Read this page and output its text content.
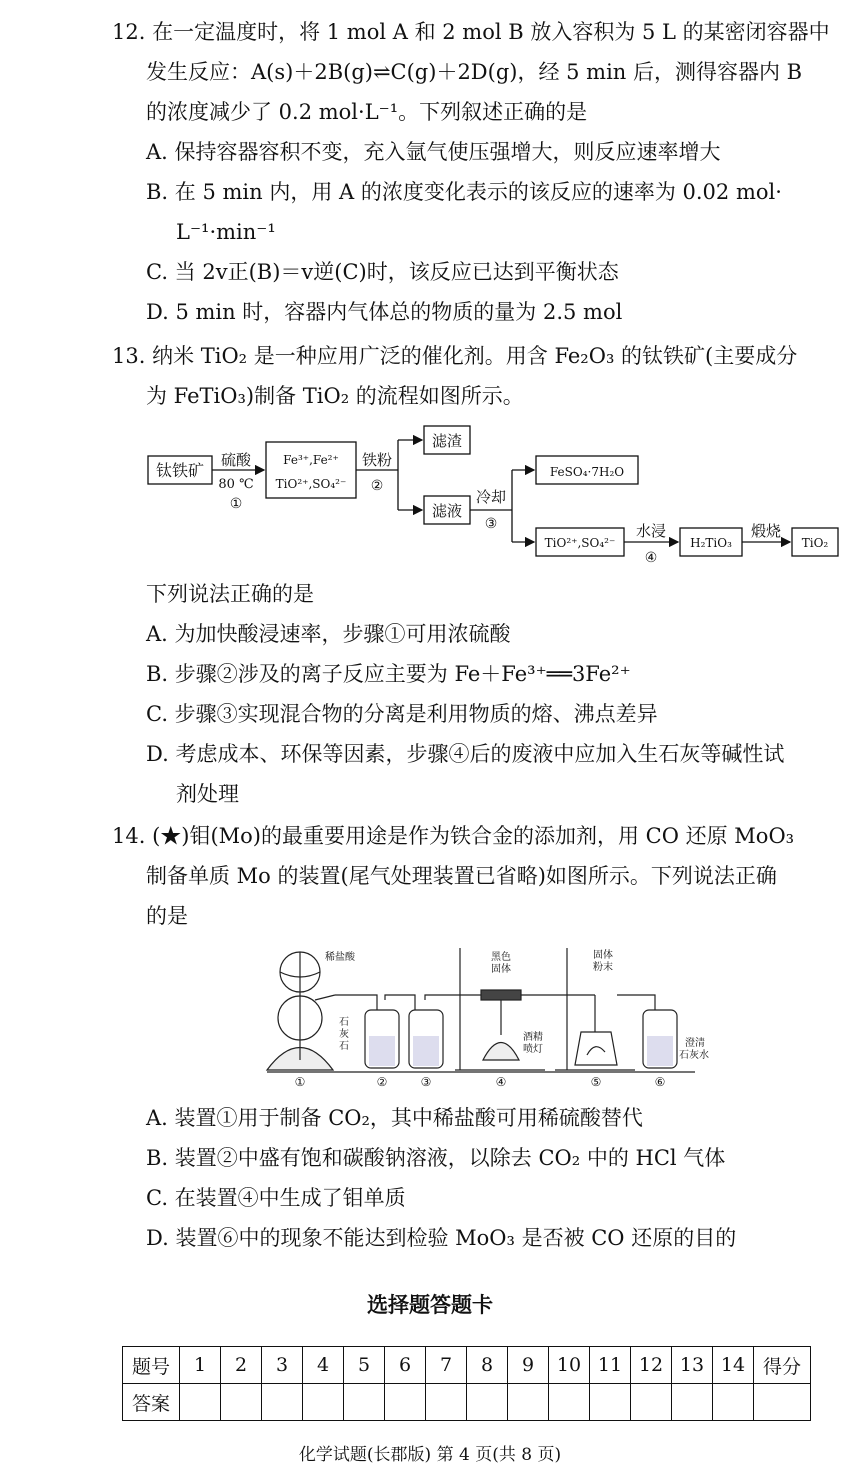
12. 在一定温度时，将 1 mol A 和 2 mol B 放入容积为 5 L 的某密闭容器中
发生反应：A(s)＋2B(g)⇌C(g)＋2D(g)，经 5 min 后，测得容器内 B
的浓度减少了 0.2 mol·L⁻¹。下列叙述正确的是
A. 保持容器容积不变，充入氩气使压强增大，则反应速率增大
B. 在 5 min 内，用 A 的浓度变化表示的该反应的速率为 0.02 mol·
L⁻¹·min⁻¹
C. 当 2v正(B)＝v逆(C)时，该反应已达到平衡状态
D. 5 min 时，容器内气体总的物质的量为 2.5 mol
13. 纳米 TiO₂ 是一种应用广泛的催化剂。用含 Fe₂O₃ 的钛铁矿(主要成分
为 FeTiO₃)制备 TiO₂ 的流程如图所示。
钛铁矿
硫酸
80 ℃
①
Fe³⁺,Fe²⁺
TiO²⁺,SO₄²⁻
铁粉
②
滤渣
滤液
冷却
③
FeSO₄·7H₂O
TiO²⁺,SO₄²⁻
水浸
④
H₂TiO₃
煅烧
TiO₂
下列说法正确的是
A. 为加快酸浸速率，步骤①可用浓硫酸
B. 步骤②涉及的离子反应主要为 Fe＋Fe³⁺══3Fe²⁺
C. 步骤③实现混合物的分离是利用物质的熔、沸点差异
D. 考虑成本、环保等因素，步骤④后的废液中应加入生石灰等碱性试
剂处理
14. (★)钼(Mo)的最重要用途是作为铁合金的添加剂，用 CO 还原 MoO₃
制备单质 Mo 的装置(尾气处理装置已省略)如图所示。下列说法正确
的是
稀盐酸
石
灰
石
黑色
固体
酒精
喷灯
固体
粉末
澄清
石灰水
①	②	③	④	⑤	⑥
A. 装置①用于制备 CO₂，其中稀盐酸可用稀硫酸替代
B. 装置②中盛有饱和碳酸钠溶液，以除去 CO₂ 中的 HCl 气体
C. 在装置④中生成了钼单质
D. 装置⑥中的现象不能达到检验 MoO₃ 是否被 CO 还原的目的
选择题答题卡
题号	1	2	3	4	5	6	7	8	9	10	11	12	13	14	得分
答案															
化学试题(长郡版) 第 4 页(共 8 页)
